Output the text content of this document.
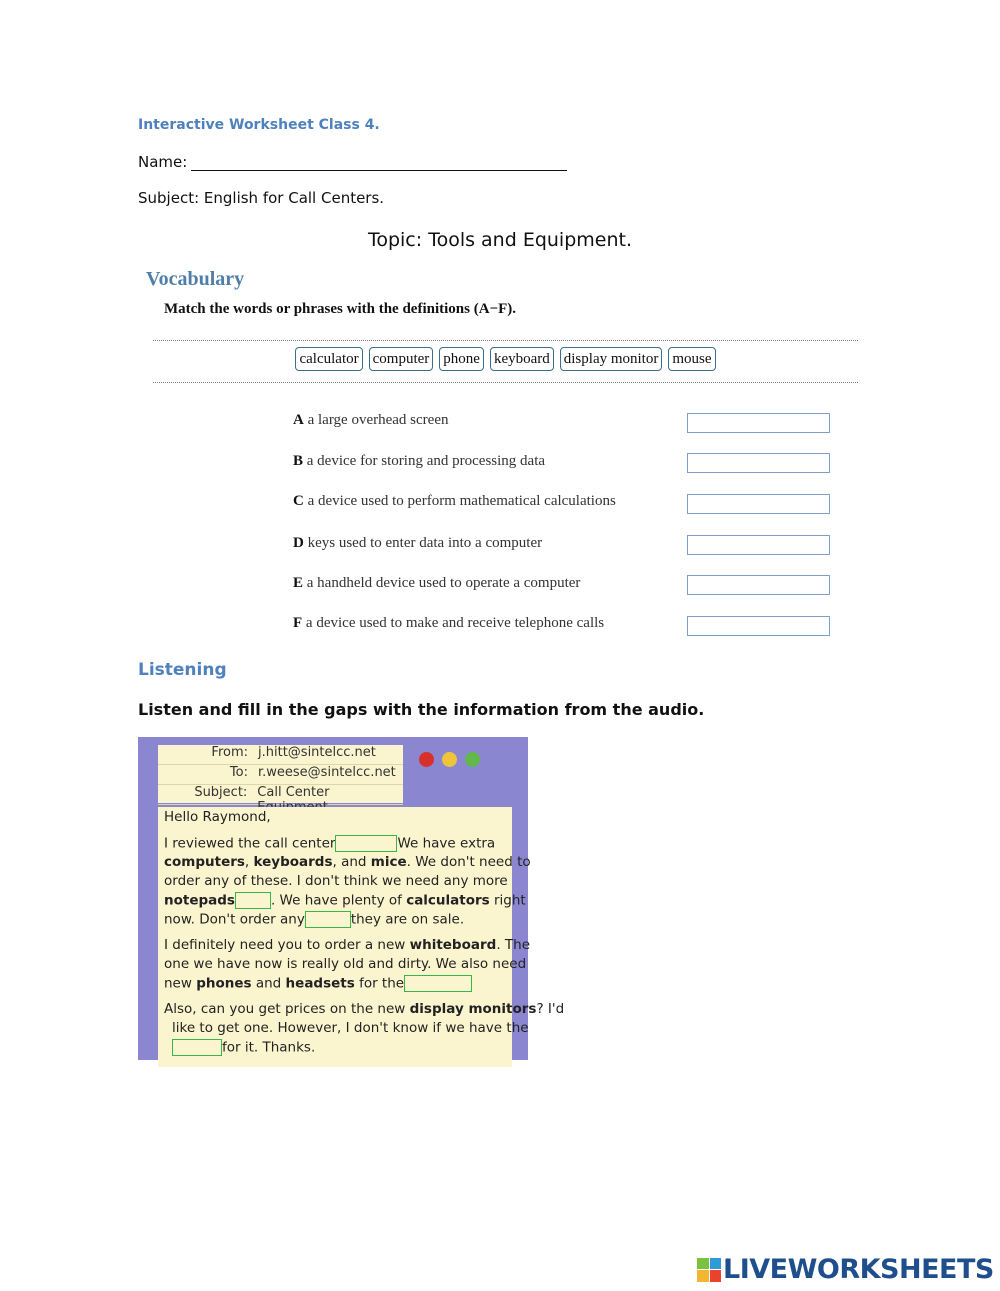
Interactive Worksheet Class 4.
Name:
Subject: English for Call Centers.
Topic: Tools and Equipment.
Vocabulary
Match the words or phrases with the definitions (A−F).
calculator computer phone keyboard display monitor mouse
A a large overhead screen
B a device for storing and processing data
C a device used to perform mathematical calculations
D keys used to enter data into a computer
E a handheld device used to operate a computer
F a device used to make and receive telephone calls
Listening
Listen and fill in the gaps with the information from the audio.
From: j.hitt@sintelcc.net
To: r.weese@sintelcc.net
Subject: Call Center
Hello Raymond,
I reviewed the call center	We have extra
computers, keyboards, and mice. We don't need to
order any of these. I don't think we need any more
notepads	. We have plenty of calculators right
now. Don't order any	they are on sale.
I definitely need you to order a new whiteboard. The
one we have now is really old and dirty. We also need
new phones and headsets for the
Also, can you get prices on the new display monitors? I'd
like to get one. However, I don't know if we have the
for it. Thanks.
LIVEWORKSHEETS
